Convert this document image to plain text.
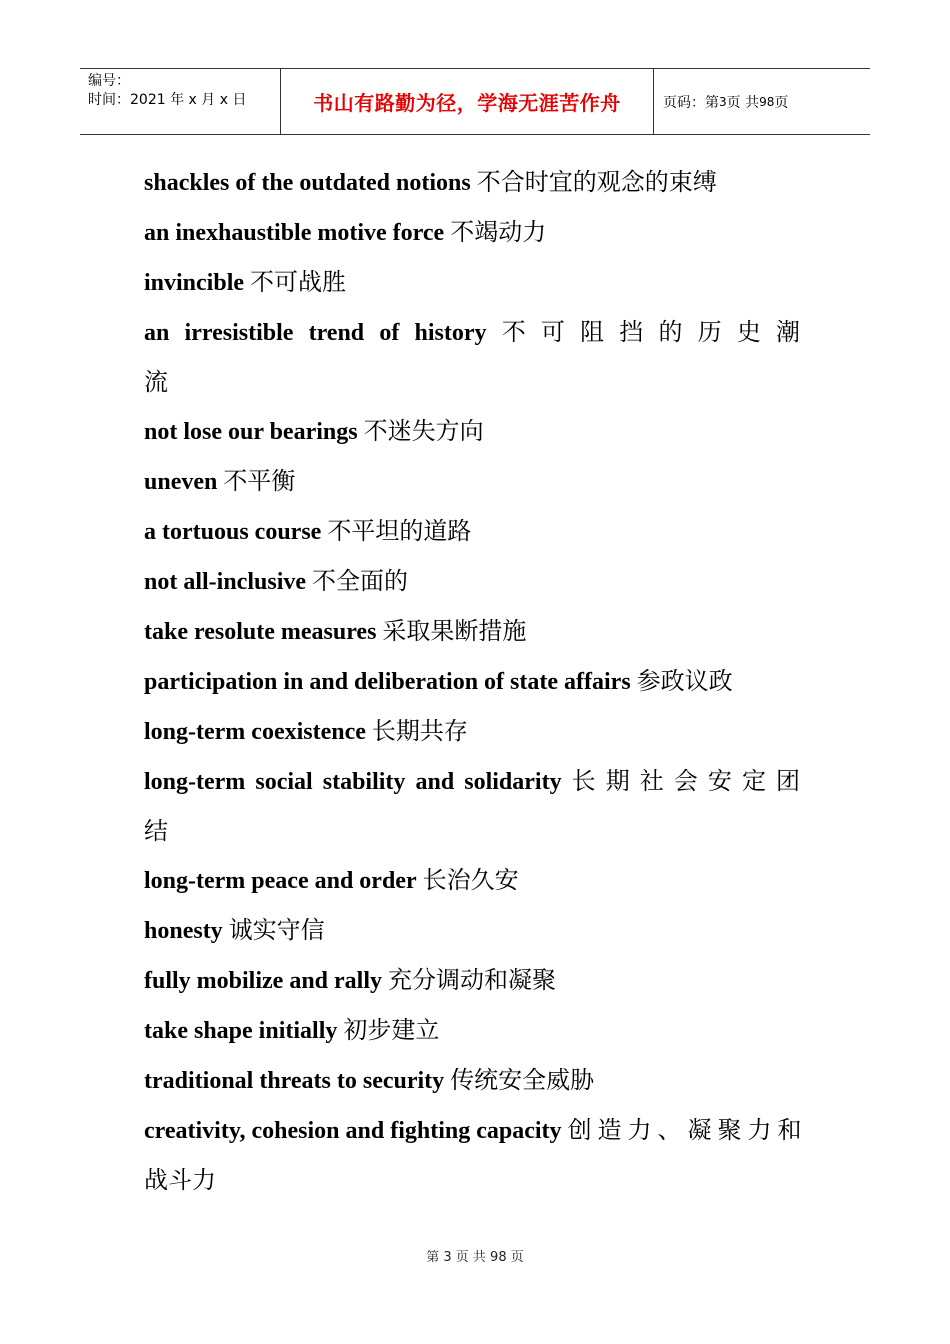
编号：
时间：2021 年 x 月 x 日	书山有路勤为径，学海无涯苦作舟	页码：第 3 页 共 98 页
shackles of the outdated notions 不合时宜的观念的束缚
an inexhaustible motive force 不竭动力
invincible 不可战胜
an irresistible trend of history 不可阻挡的历史潮
流
not lose our bearings 不迷失方向
uneven 不平衡
a tortuous course 不平坦的道路
not all-inclusive 不全面的
take resolute measures 采取果断措施
participation in and deliberation of state affairs 参政议政
long-term coexistence 长期共存
long-term social stability and solidarity 长期社会安定团
结
long-term peace and order 长治久安
honesty 诚实守信
fully mobilize and rally 充分调动和凝聚
take shape initially 初步建立
traditional threats to security 传统安全威胁
creativity, cohesion and fighting capacity 创造力、凝聚力和
战斗力
第 3 页 共 98 页
